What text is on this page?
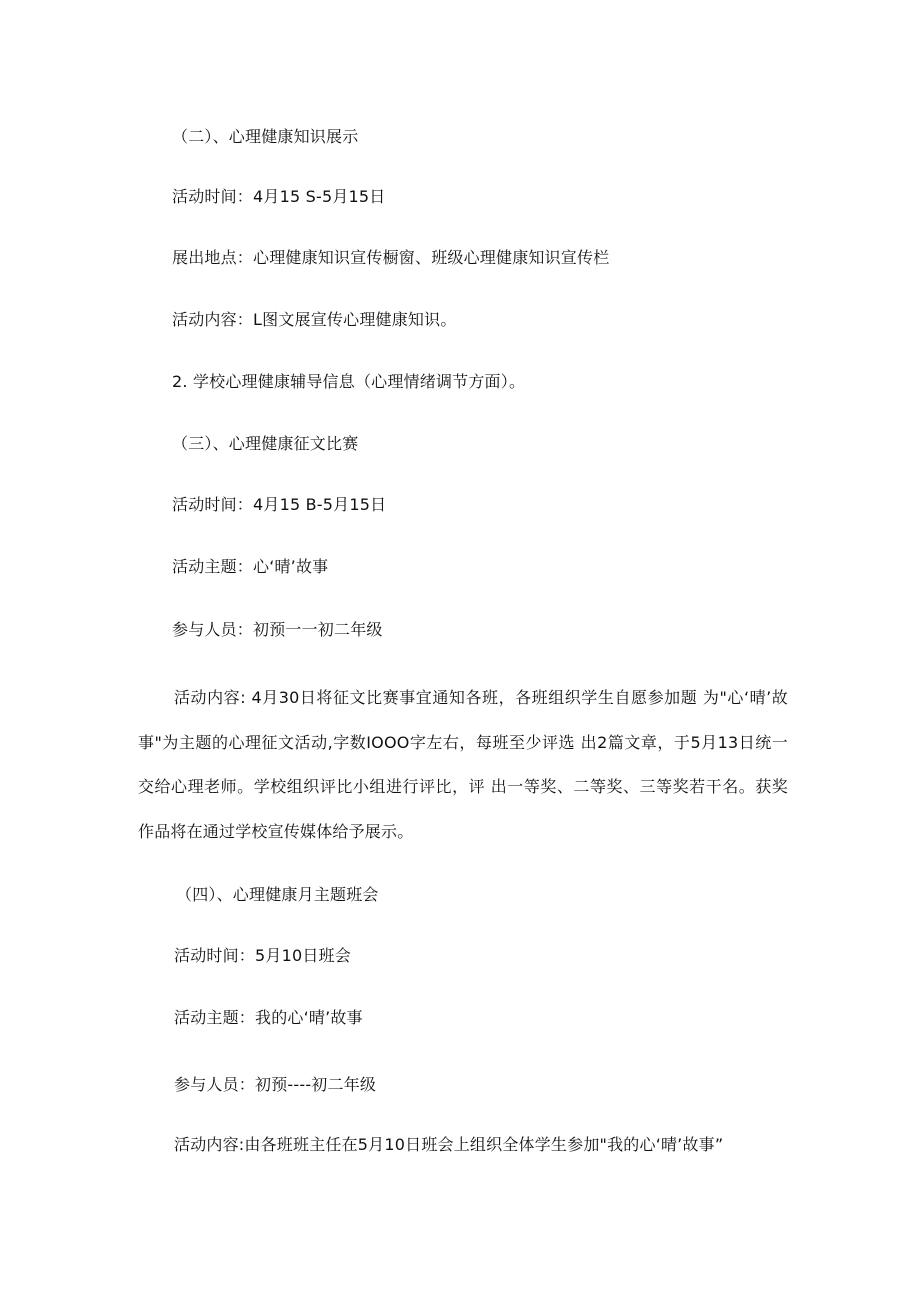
（二）、心理健康知识展示
活动时间：4月15 S-5月15日
展出地点：心理健康知识宣传橱窗、班级心理健康知识宣传栏
活动内容：L图文展宣传心理健康知识。
2. 学校心理健康辅导信息（心理情绪调节方面）。
（三）、心理健康征文比赛
活动时间：4月15 B-5月15日
活动主题：心‘晴’故事
参与人员：初预一一初二年级
活动内容: 4月30日将征文比赛事宜通知各班，各班组织学生自愿参加题 为"心‘晴’故事"为主题的心理征文活动,字数IOOO字左右，每班至少评选 出2篇文章，于5月13日统一交给心理老师。学校组织评比小组进行评比，评 出一等奖、二等奖、三等奖若干名。获奖作品将在通过学校宣传媒体给予展示。
（四）、心理健康月主题班会
活动时间：5月10日班会
活动主题：我的心‘晴’故事
参与人员：初预----初二年级
活动内容:由各班班主任在5月10日班会上组织全体学生参加"我的心‘晴’故事”
